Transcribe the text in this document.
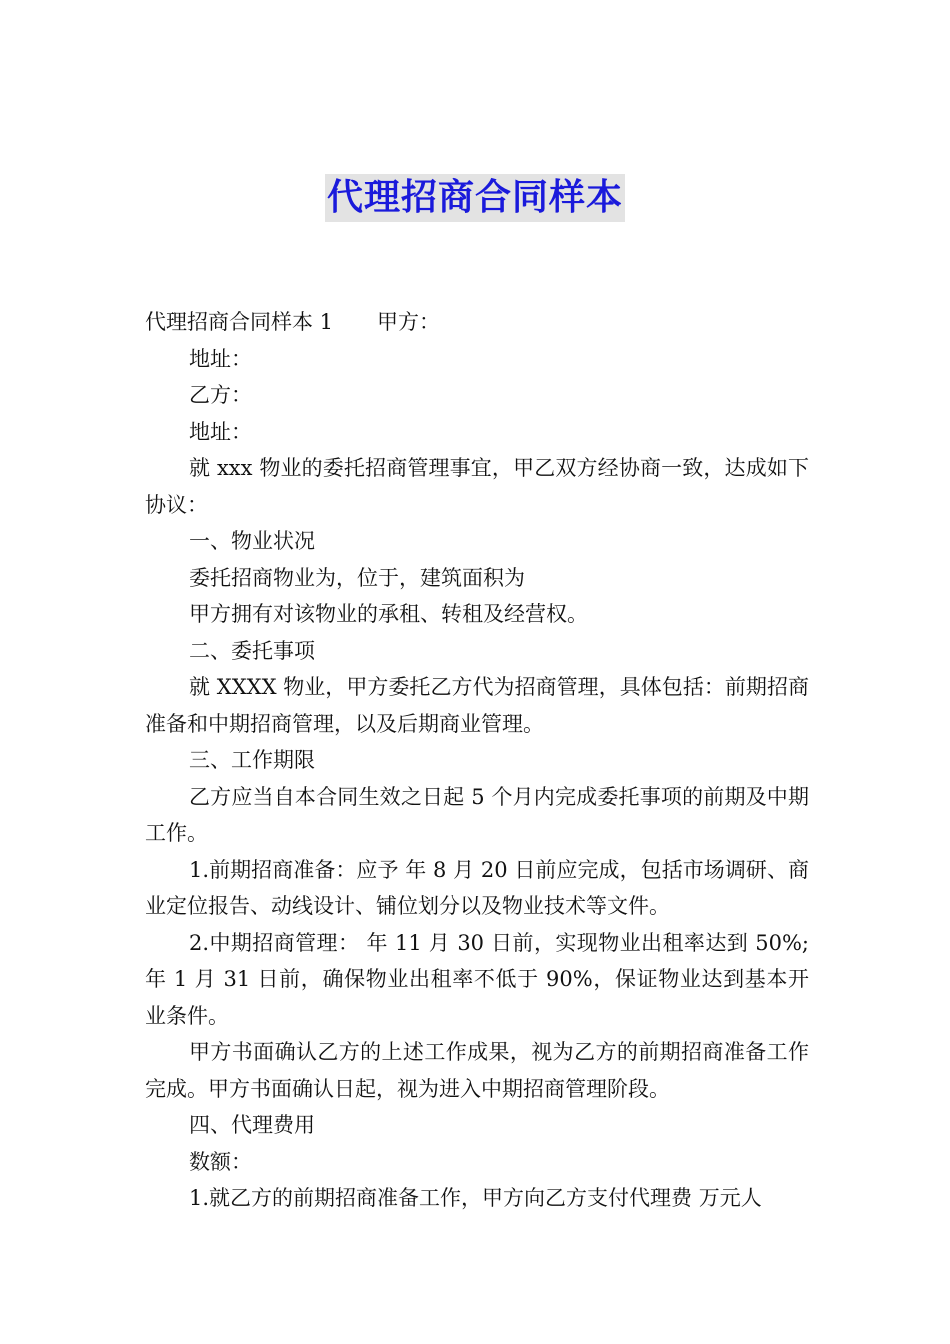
代理招商合同样本

代理招商合同样本 1 甲方：

地址：

乙方：

地址：

就 xxx 物业的委托招商管理事宜，甲乙双方经协商一致，达成如下协议：

一、物业状况

委托招商物业为，位于，建筑面积为

甲方拥有对该物业的承租、转租及经营权。

二、委托事项

就 XXXX 物业，甲方委托乙方代为招商管理，具体包括：前期招商准备和中期招商管理，以及后期商业管理。

三、工作期限

乙方应当自本合同生效之日起 5 个月内完成委托事项的前期及中期工作。

1.前期招商准备：应予 年 8 月 20 日前应完成，包括市场调研、商业定位报告、动线设计、铺位划分以及物业技术等文件。

2.中期招商管理： 年 11 月 30 日前，实现物业出租率达到 50%; 年 1 月 31 日前，确保物业出租率不低于 90%，保证物业达到基本开业条件。

甲方书面确认乙方的上述工作成果，视为乙方的前期招商准备工作完成。甲方书面确认日起，视为进入中期招商管理阶段。

四、代理费用

数额：

1.就乙方的前期招商准备工作，甲方向乙方支付代理费 万元人
